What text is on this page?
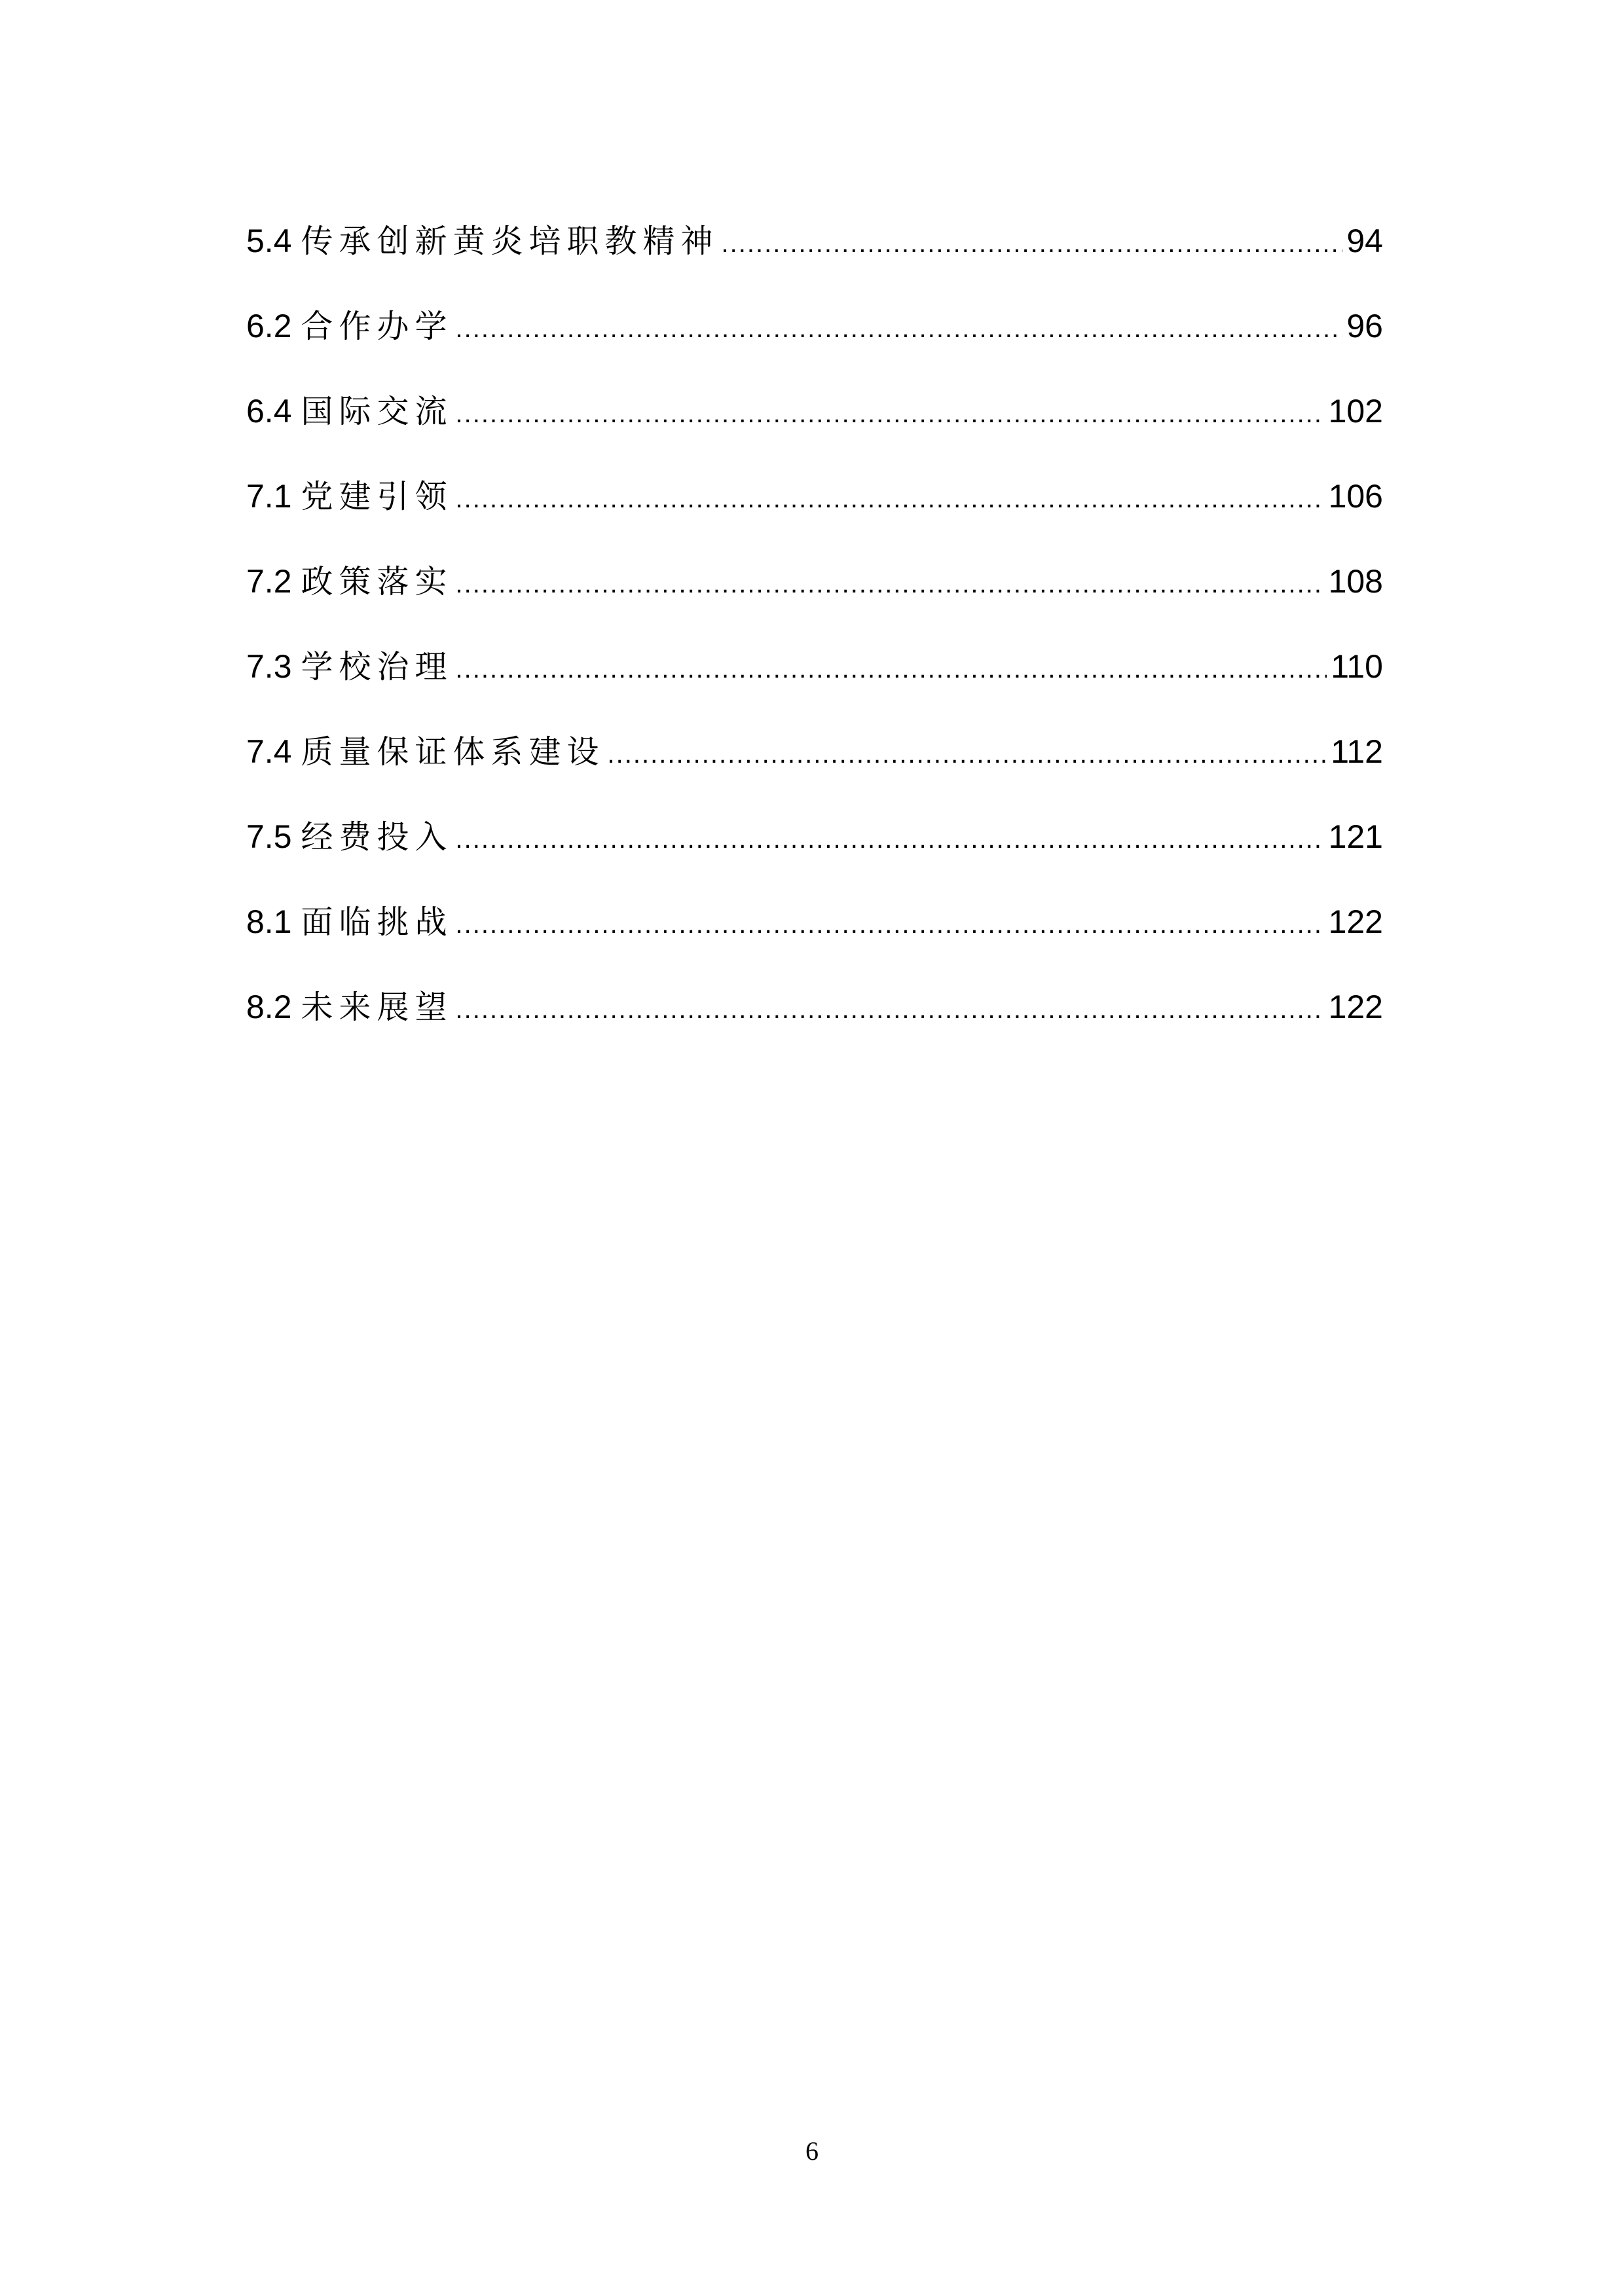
5.4 传承创新黄炎培职教精神 .....	94
6.2 合作办学 .....	96
6.4 国际交流 .....	102
7.1 党建引领 .....	106
7.2 政策落实 .....	108
7.3 学校治理 .....	110
7.4 质量保证体系建设 .....	112
7.5 经费投入 .....	121
8.1 面临挑战 .....	122
8.2 未来展望 .....	122
6
